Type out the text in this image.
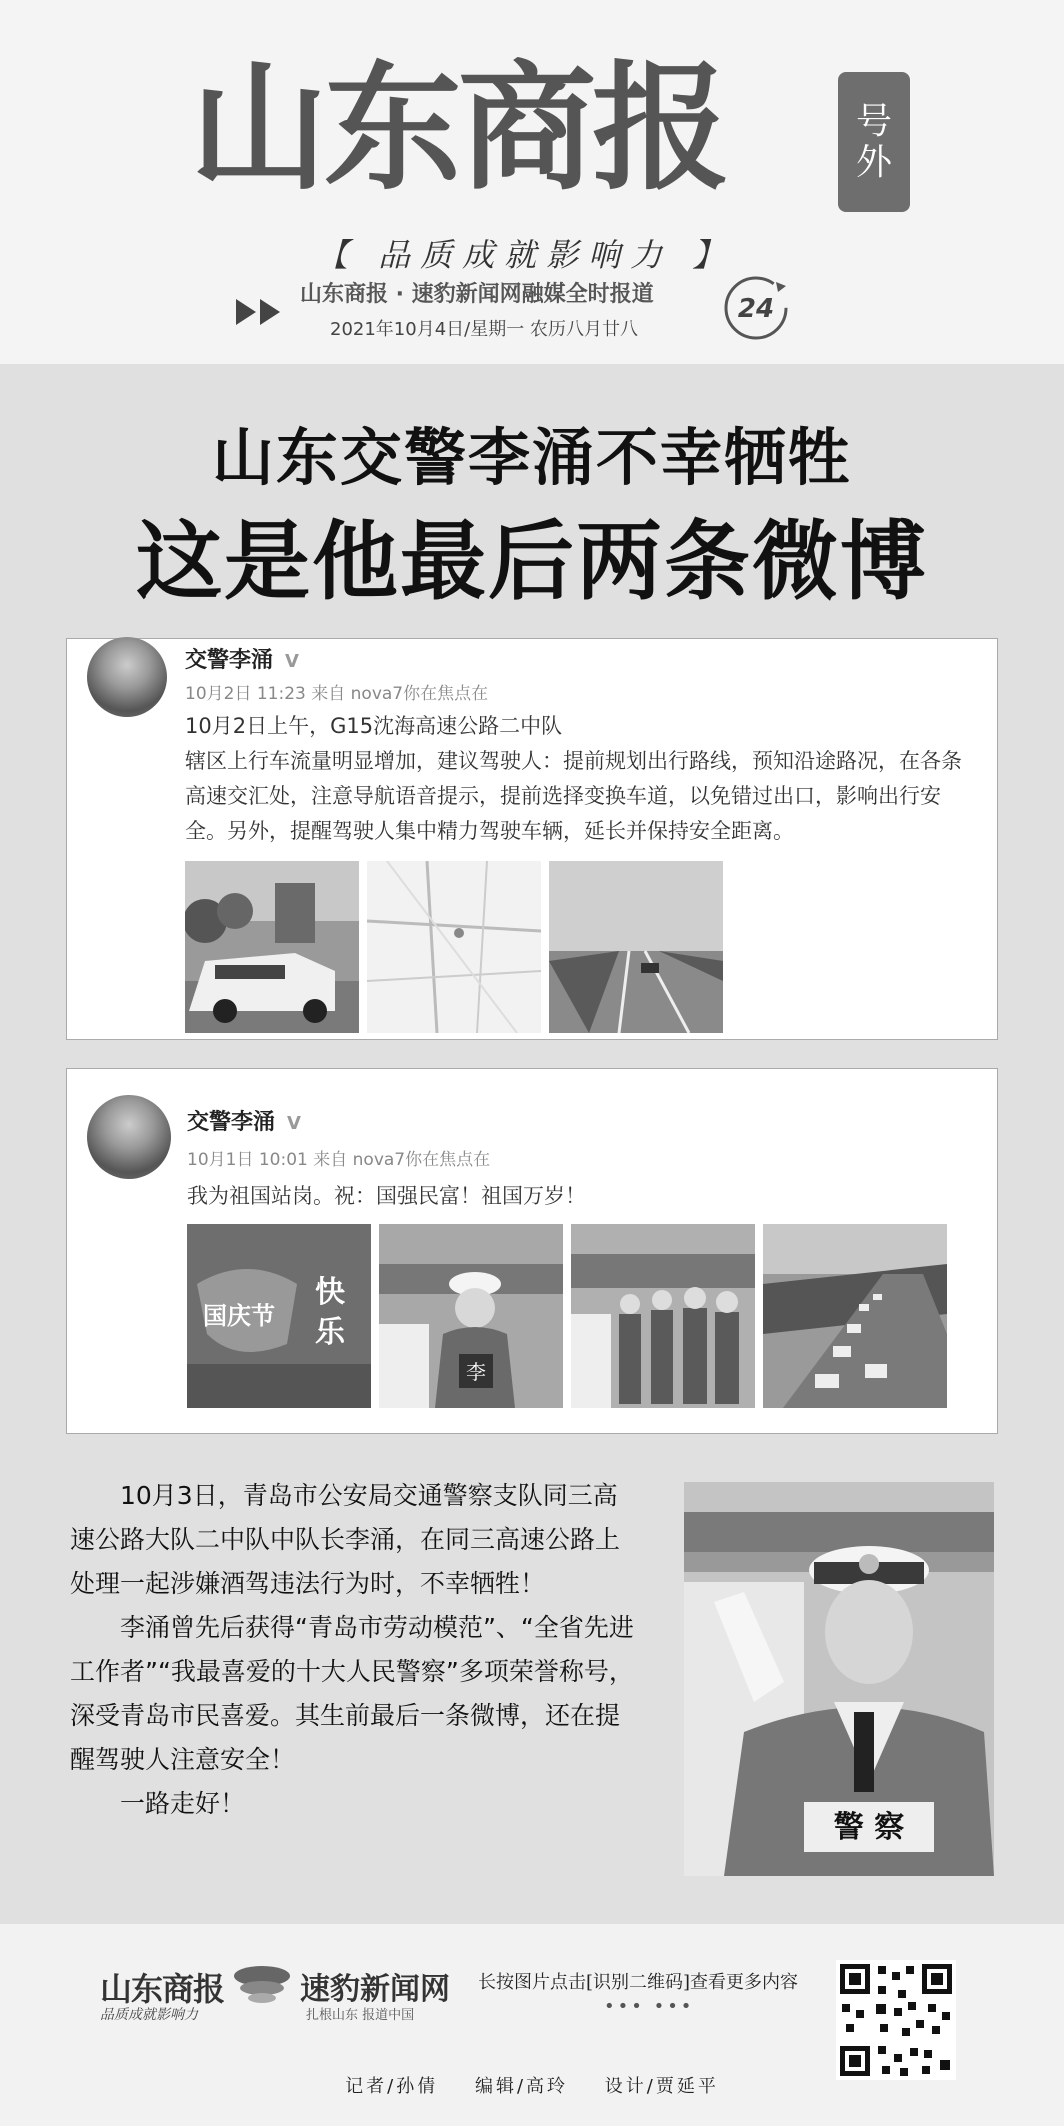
山东商报	号
外
【 品质成就影响力 】
山东商报 · 速豹新闻网融媒全时报道
2021年10月4日/星期一 农历八月廿八
24
山东交警李涌不幸牺牲
这是他最后两条微博
交警李涌 V
10月2日 11:23 来自 nova7你在焦点在
10月2日上午，G15沈海高速公路二中队
辖区上行车流量明显增加，建议驾驶人：提前规划出行路线，预知沿途路况，在各条高速交汇处，注意导航语音提示，提前选择变换车道，以免错过出口，影响出行安全。另外，提醒驾驶人集中精力驾驶车辆，延长并保持安全距离。
交警李涌 V
10月1日 10:01 来自 nova7你在焦点在
我为祖国站岗。祝：国强民富！祖国万岁！
国庆节
快
乐
李

10月3日，青岛市公安局交通警察支队同三高速公路大队二中队中队长李涌，在同三高速公路上处理一起涉嫌酒驾违法行为时，不幸牺牲！

李涌曾先后获得“青岛市劳动模范”、“全省先进工作者”“我最喜爱的十大人民警察”多项荣誉称号，深受青岛市民喜爱。其生前最后一条微博，还在提醒驾驶人注意安全！

一路走好！

警 察
山东商报
品质成就影响力
速豹新闻网
扎根山东 报道中国
长按图片点击[识别二维码]查看更多内容
••• •••
记者/孙倩 编辑/高玲 设计/贾延平
